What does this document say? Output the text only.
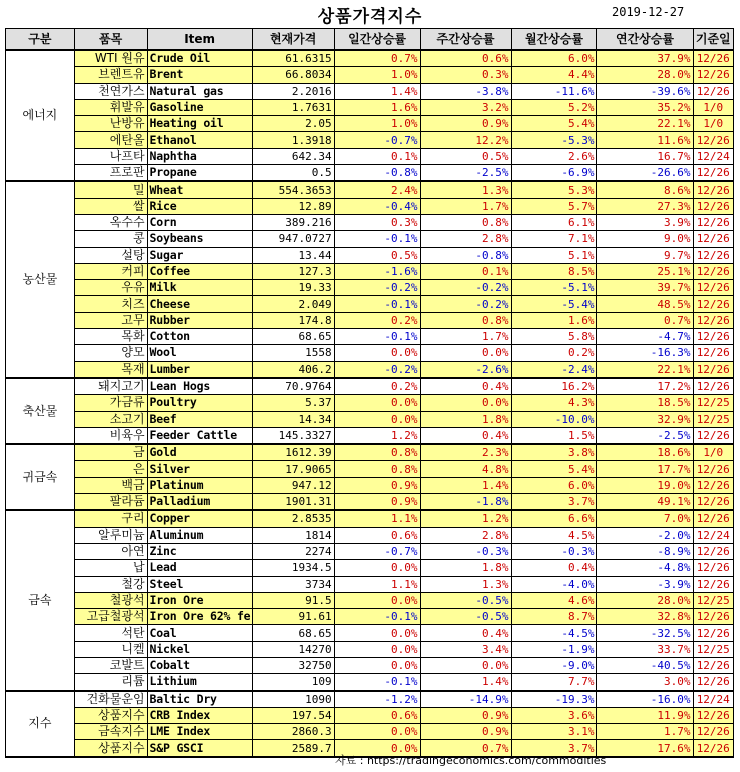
상품가격지수	2019-12-27
구분	품목	Item	현재가격	일간상승률	주간상승률	월간상승률	연간상승률	기준일
에너지	WTI 원유	Crude Oil	61.6315	0.7%	0.6%	6.0%	37.9%	12/26
	브렌트유	Brent	66.8034	1.0%	0.3%	4.4%	28.0%	12/26
	천연가스	Natural gas	2.2016	1.4%	-3.8%	-11.6%	-39.6%	12/26
	휘발유	Gasoline	1.7631	1.6%	3.2%	5.2%	35.2%	1/0
	난방유	Heating oil	2.05	1.0%	0.9%	5.4%	22.1%	1/0
	에탄올	Ethanol	1.3918	-0.7%	12.2%	-5.3%	11.6%	12/26
	나프타	Naphtha	642.34	0.1%	0.5%	2.6%	16.7%	12/24
	프로판	Propane	0.5	-0.8%	-2.5%	-6.9%	-26.6%	12/26
농산물	밀	Wheat	554.3653	2.4%	1.3%	5.3%	8.6%	12/26
	쌀	Rice	12.89	-0.4%	1.7%	5.7%	27.3%	12/26
	옥수수	Corn	389.216	0.3%	0.8%	6.1%	3.9%	12/26
	콩	Soybeans	947.0727	-0.1%	2.8%	7.1%	9.0%	12/26
	설탕	Sugar	13.44	0.5%	-0.8%	5.1%	9.7%	12/26
	커피	Coffee	127.3	-1.6%	0.1%	8.5%	25.1%	12/26
	우유	Milk	19.33	-0.2%	-0.2%	-5.1%	39.7%	12/26
	치즈	Cheese	2.049	-0.1%	-0.2%	-5.4%	48.5%	12/26
	고무	Rubber	174.8	0.2%	0.8%	1.6%	0.7%	12/26
	목화	Cotton	68.65	-0.1%	1.7%	5.8%	-4.7%	12/26
	양모	Wool	1558	0.0%	0.0%	0.2%	-16.3%	12/26
	목재	Lumber	406.2	-0.2%	-2.6%	-2.4%	22.1%	12/26
축산물	돼지고기	Lean Hogs	70.9764	0.2%	0.4%	16.2%	17.2%	12/26
	가금류	Poultry	5.37	0.0%	0.0%	4.3%	18.5%	12/25
	소고기	Beef	14.34	0.0%	1.8%	-10.0%	32.9%	12/25
	비육우	Feeder Cattle	145.3327	1.2%	0.4%	1.5%	-2.5%	12/26
귀금속	금	Gold	1612.39	0.8%	2.3%	3.8%	18.6%	1/0
	은	Silver	17.9065	0.8%	4.8%	5.4%	17.7%	12/26
	백금	Platinum	947.12	0.9%	1.4%	6.0%	19.0%	12/26
	팔라듐	Palladium	1901.31	0.9%	-1.8%	3.7%	49.1%	12/26
금속	구리	Copper	2.8535	1.1%	1.2%	6.6%	7.0%	12/26
	알루미늄	Aluminum	1814	0.6%	2.8%	4.5%	-2.0%	12/24
	아연	Zinc	2274	-0.7%	-0.3%	-0.3%	-8.9%	12/26
	납	Lead	1934.5	0.0%	1.8%	0.4%	-4.8%	12/26
	철강	Steel	3734	1.1%	1.3%	-4.0%	-3.9%	12/26
	철광석	Iron Ore	91.5	0.0%	-0.5%	4.6%	28.0%	12/25
	고급철광석	Iron Ore 62% fe	91.61	-0.1%	-0.5%	8.7%	32.8%	12/26
	석탄	Coal	68.65	0.0%	0.4%	-4.5%	-32.5%	12/26
	니켈	Nickel	14270	0.0%	3.4%	-1.9%	33.7%	12/25
	코발트	Cobalt	32750	0.0%	0.0%	-9.0%	-40.5%	12/26
	리튬	Lithium	109	-0.1%	1.4%	7.7%	3.0%	12/26
지수	건화물운임	Baltic Dry	1090	-1.2%	-14.9%	-19.3%	-16.0%	12/24
	상품지수	CRB Index	197.54	0.6%	0.9%	3.6%	11.9%	12/26
	금속지수	LME Index	2860.3	0.0%	0.9%	3.1%	1.7%	12/26
	상품지수	S&P GSCI	2589.7	0.0%	0.7%	3.7%	17.6%	12/26
자료 : https://tradingeconomics.com/commodities
